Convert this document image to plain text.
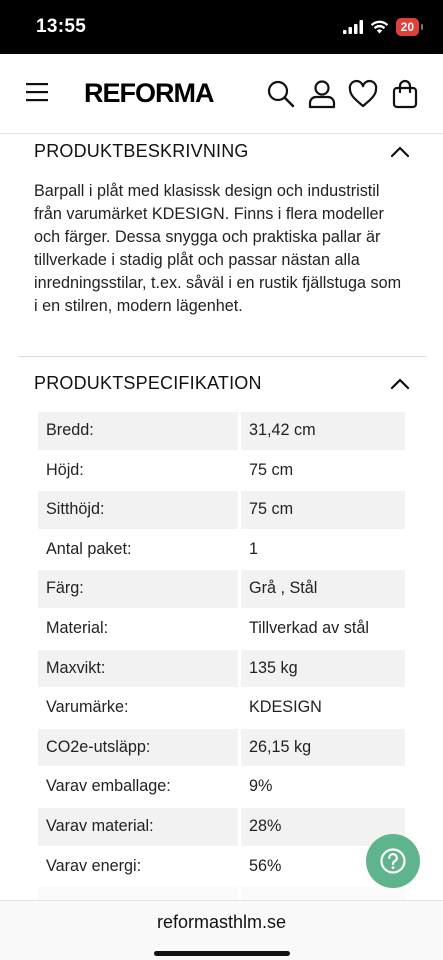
13:55	20
REFORMA
PRODUKTBESKRIVNING

Barpall i plåt med klasissk design och industristil från varumärket KDESIGN. Finns i flera modeller och färger. Dessa snygga och praktiska pallar är tillverkade i stadig plåt och passar nästan alla inredningsstilar, t.ex. såväl i en rustik fjällstuga som i en stilren, modern lägenhet.

PRODUKTSPECIFIKATION
Bredd:	31,42 cm
Höjd:	75 cm
Sitthöjd:	75 cm
Antal paket:	1
Färg:	Grå , Stål
Material:	Tillverkad av stål
Maxvikt:	135 kg
Varumärke:	KDESIGN
CO2e-utsläpp:	26,15 kg
Varav emballage:	9%
Varav material:	28%
Varav energi:	56%
reformasthlm.se
